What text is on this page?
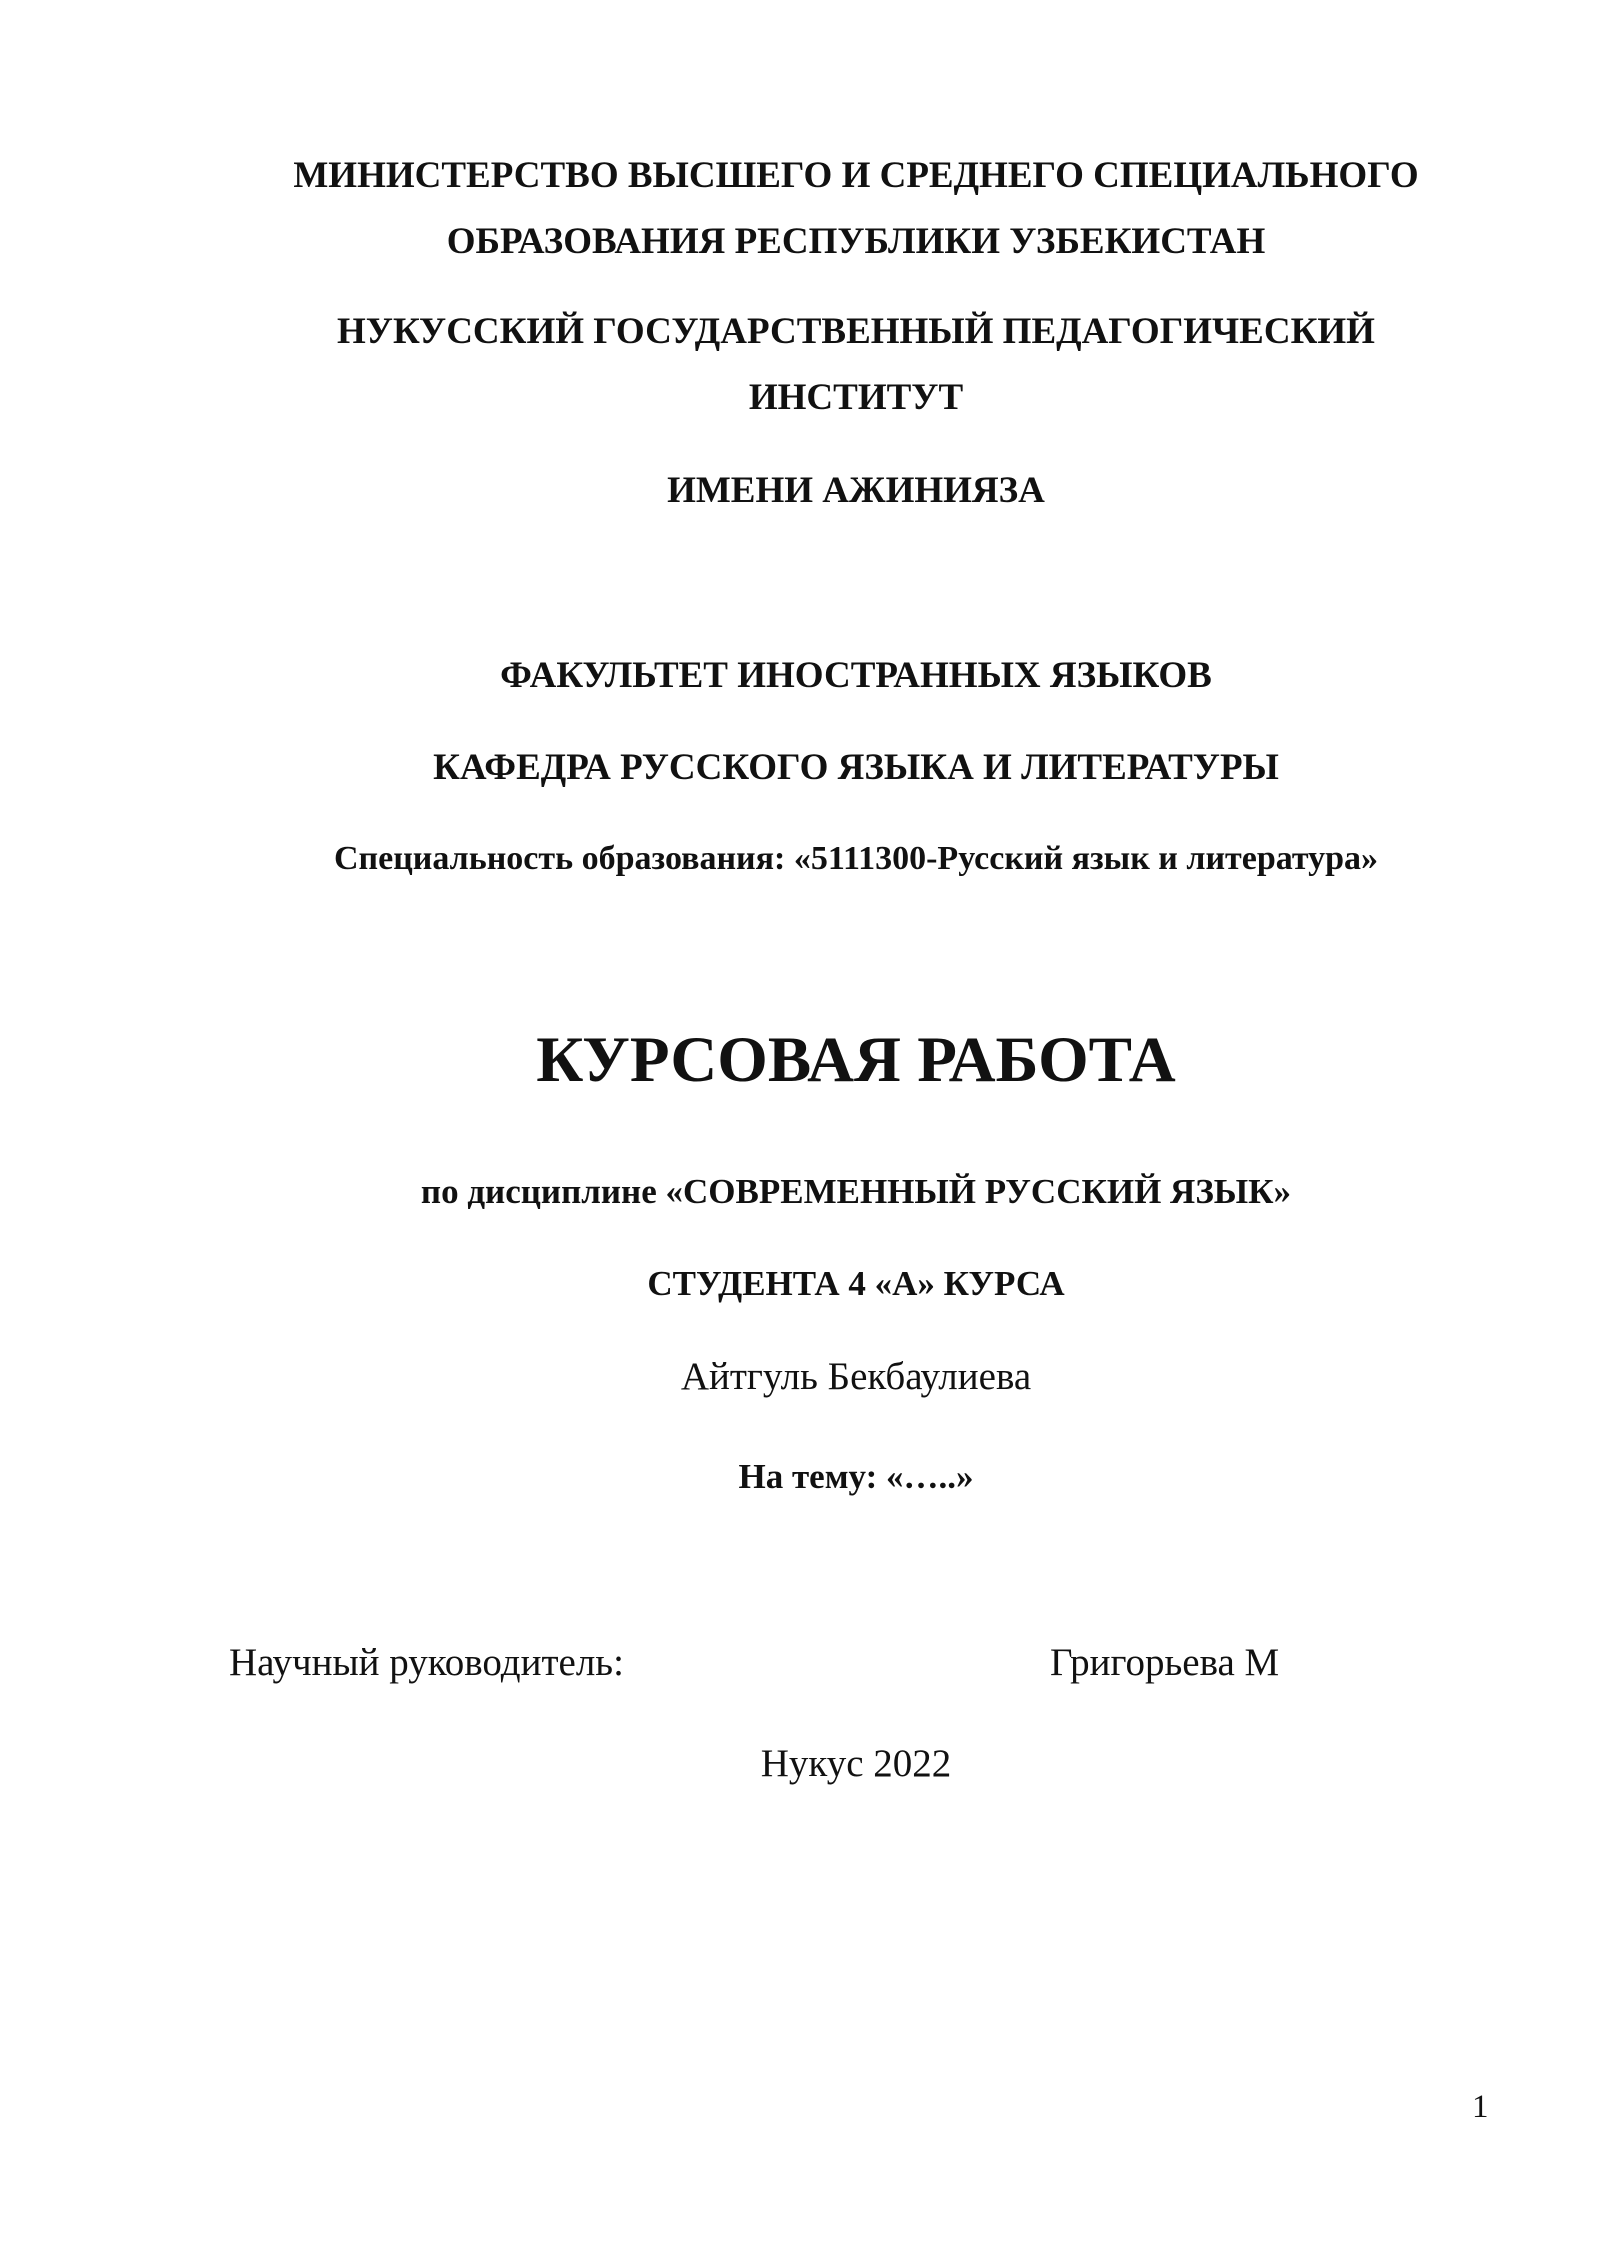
МИНИСТЕРСТВО ВЫСШЕГО И СРЕДНЕГО СПЕЦИАЛЬНОГО
ОБРАЗОВАНИЯ РЕСПУБЛИКИ УЗБЕКИСТАН
НУКУССКИЙ ГОСУДАРСТВЕННЫЙ ПЕДАГОГИЧЕСКИЙ
ИНСТИТУТ
ИМЕНИ АЖИНИЯЗА
ФАКУЛЬТЕТ ИНОСТРАННЫХ ЯЗЫКОВ
КАФЕДРА РУССКОГО ЯЗЫКА И ЛИТЕРАТУРЫ
Специальность образования: «5111300-Русский язык и литература»
КУРСОВАЯ РАБОТА
по дисциплине «СОВРЕМЕННЫЙ РУССКИЙ ЯЗЫК»
СТУДЕНТА 4 «А» КУРСА
Айтгуль Бекбаулиева
На тему: «…..»
Научный руководитель:	Григорьева М
Нукус 2022
1
